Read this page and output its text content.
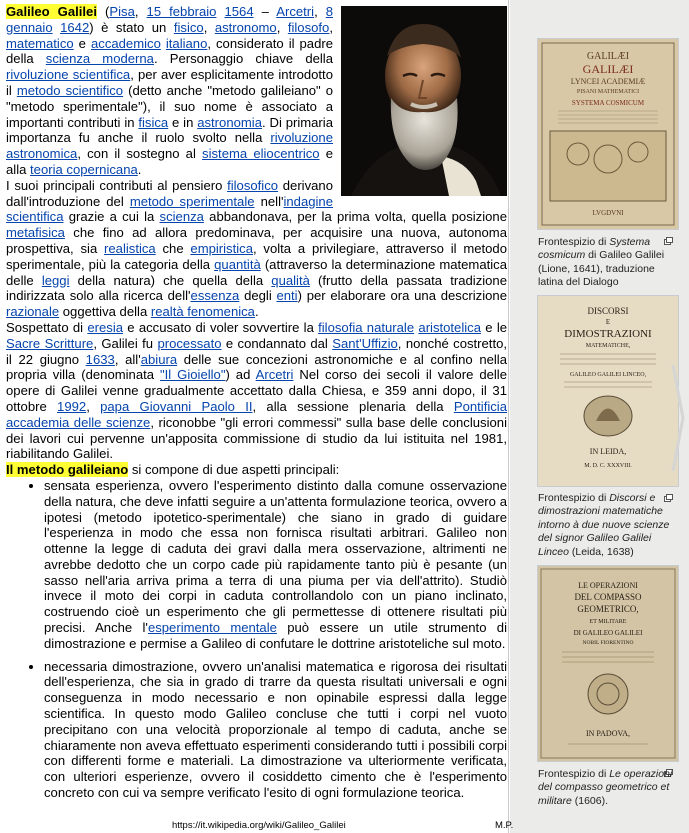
Galileo Galilei (Pisa, 15 febbraio 1564 – Arcetri, 8 gennaio 1642) è stato un fisico, astronomo, filosofo, matematico e accademico italiano, considerato il padre della scienza moderna. Personaggio chiave della rivoluzione scientifica, per aver esplicitamente introdotto il metodo scientifico (detto anche "metodo galileiano" o "metodo sperimentale"), il suo nome è associato a importanti contributi in fisica e in astronomia. Di primaria importanza fu anche il ruolo svolto nella rivoluzione astronomica, con il sostegno al sistema eliocentrico e alla teoria copernicana.

I suoi principali contributi al pensiero filosofico derivano dall'introduzione del metodo sperimentale nell'indagine scientifica grazie a cui la scienza abbandonava, per la prima volta, quella posizione metafisica che fino ad allora predominava, per acquisire una nuova, autonoma prospettiva, sia realistica che empiristica, volta a privilegiare, attraverso il metodo sperimentale, più la categoria della quantità (attraverso la determinazione matematica delle leggi della natura) che quella della qualità (frutto della passata tradizione indirizzata solo alla ricerca dell'essenza degli enti) per elaborare ora una descrizione razionale oggettiva della realtà fenomenica.

Sospettato di eresia e accusato di voler sovvertire la filosofia naturale aristotelica e le Sacre Scritture, Galilei fu processato e condannato dal Sant'Uffizio, nonché costretto, il 22 giugno 1633, all'abiura delle sue concezioni astronomiche e al confino nella propria villa (denominata "Il Gioiello") ad Arcetri Nel corso dei secoli il valore delle opere di Galilei venne gradualmente accettato dalla Chiesa, e 359 anni dopo, il 31 ottobre 1992, papa Giovanni Paolo II, alla sessione plenaria della Pontificia accademia delle scienze, riconobbe "gli errori commessi" sulla base delle conclusioni dei lavori cui pervenne un'apposita commissione di studio da lui istituita nel 1981, riabilitando Galilei.

Il metodo galileiano si compone di due aspetti principali:

• sensata esperienza, ovvero l'esperimento distinto dalla comune osservazione della natura, che deve infatti seguire a un'attenta formulazione teorica, ovvero a ipotesi (metodo ipotetico-sperimentale) che siano in grado di guidare l'esperienza in modo che essa non fornisca risultati arbitrari. Galileo non ottenne la legge di caduta dei gravi dalla mera osservazione, altrimenti ne avrebbe dedotto che un corpo cade più rapidamente tanto più è pesante (un sasso nell'aria arriva prima a terra di una piuma per via dell'attrito). Studiò invece il moto dei corpi in caduta controllandolo con un piano inclinato, costruendo cioè un esperimento che gli permettesse di ottenere risultati più precisi. Anche l'esperimento mentale può essere un utile strumento di dimostrazione e permise a Galileo di confutare le dottrine aristoteliche sul moto.
• necessaria dimostrazione, ovvero un'analisi matematica e rigorosa dei risultati dell'esperienza, che sia in grado di trarre da questa risultati universali e ogni conseguenza in modo necessario e non opinabile espressi dalla legge scientifica. In questo modo Galileo concluse che tutti i corpi nel vuoto precipitano con una velocità proporzionale al tempo di caduta, anche se chiaramente non aveva effettuato esperimenti considerando tutti i possibili corpi con differenti forme e materiali. La dimostrazione va ulteriormente verificata, con ulteriori esperienze, ovvero il cosiddetto cimento che è l'esperimento concreto con cui va sempre verificato l'esito di ogni formulazione teorica.
GALILÆI
GALILÆI
LYNCEI ACADEMIÆ
PISANI MATHEMATICI
SYSTEMA COSMICUM
LVGDVNI
Frontespizio di Systema cosmicum di Galileo Galilei (Lione, 1641), traduzione latina del Dialogo
DISCORSI
E
DIMOSTRAZIONI
MATEMATICHE,
GALILEO GALILEI LINCEO,
IN LEIDA,
M. D. C. XXXVIII.
Frontespizio di Discorsi e dimostrazioni matematiche intorno à due nuove scienze del signor Galileo Galilei Linceo (Leida, 1638)
LE OPERAZIONI
DEL COMPASSO
GEOMETRICO,
ET MILITARE
DI GALILEO GALILEI
NOBIL FIORENTINO
IN PADOVA,
Frontespizio di Le operazioni del compasso geometrico et militare (1606).
https://it.wikipedia.org/wiki/Galileo_Galilei	M.P.
